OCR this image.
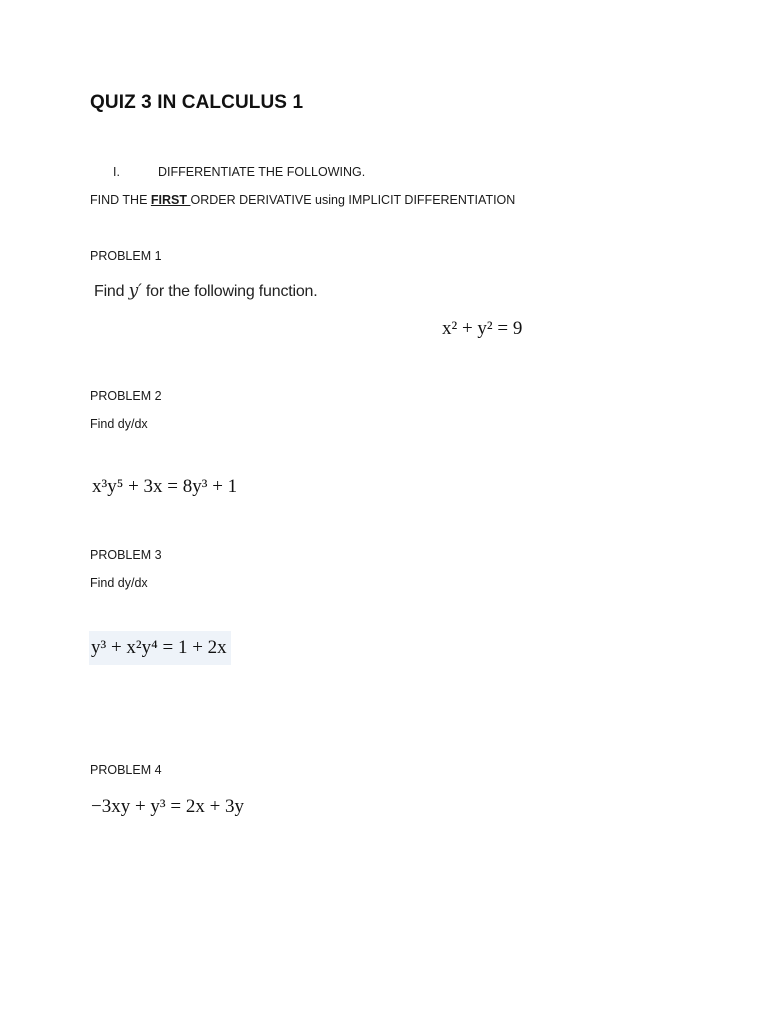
QUIZ 3 IN CALCULUS 1
I.	DIFFERENTIATE THE FOLLOWING.
FIND THE FIRST ORDER DERIVATIVE using IMPLICIT DIFFERENTIATION
PROBLEM 1
Find y′ for the following function.
x² + y² = 9
PROBLEM 2
Find dy/dx
x³y⁵ + 3x = 8y³ + 1
PROBLEM 3
Find dy/dx
y³ + x²y⁴ = 1 + 2x
PROBLEM 4
−3xy + y³ = 2x + 3y
